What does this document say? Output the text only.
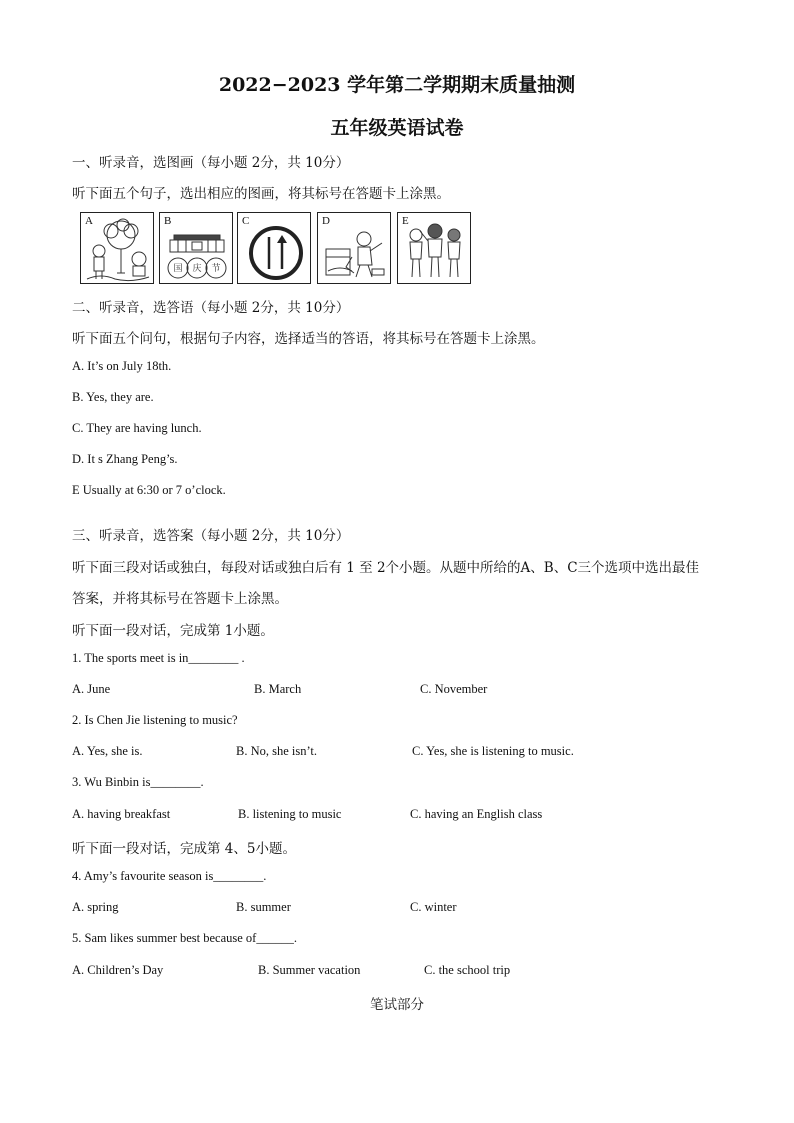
2022−2023 学年第二学期期末质量抽测
五年级英语试卷
一、听录音，选图画（每小题 2分，共 10分）
听下面五个句子，选出相应的图画，将其标号在答题卡上涂黑。
A	B
国 庆 节
C	D	E
二、听录音，选答语（每小题 2分，共 10分）
听下面五个问句，根据句子内容，选择适当的答语，将其标号在答题卡上涂黑。
A. It’s on July 18th.
B. Yes, they are.
C. They are having lunch.
D. It s Zhang Peng’s.
E Usually at 6:30 or 7 o’clock.
三、听录音，选答案（每小题 2分，共 10分）
听下面三段对话或独白，每段对话或独白后有 1 至 2个小题。从题中所给的A、B、C三个选项中选出最佳
答案，并将其标号在答题卡上涂黑。
听下面一段对话，完成第 1小题。
1. The sports meet is in________ .
A. June	B. March	C. November
2. Is Chen Jie listening to music?
A. Yes, she is.	B. No, she isn’t.	C. Yes, she is listening to music.
3. Wu Binbin is________.
A. having breakfast	B. listening to music	C. having an English class
听下面一段对话，完成第 4、5小题。
4. Amy’s favourite season is________.
A. spring	B. summer	C. winter
5. Sam likes summer best because of______.
A. Children’s Day	B. Summer vacation	C. the school trip
笔试部分
